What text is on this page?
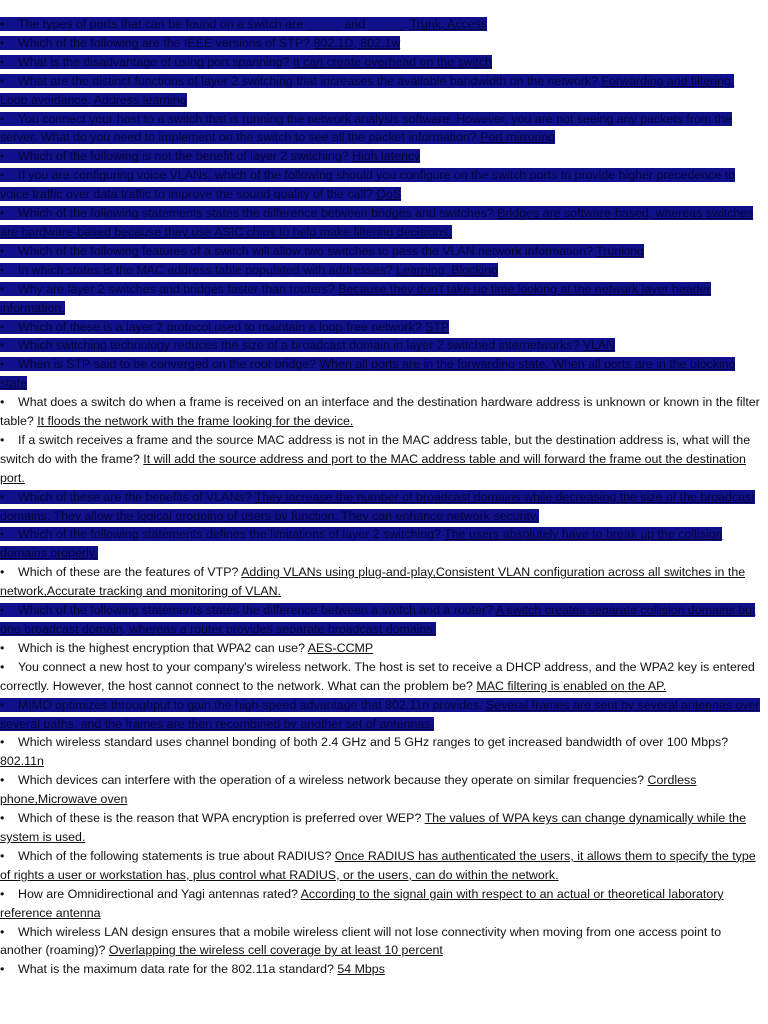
• The types of ports that can be found on a switch are _____ and _____. Trunk, Access

• Which of the following are the IEEE versions of STP? 802.1D, 802.1w

• What is the disadvantage of using port spanning? It can create overhead on the switch

• What are the distinct functions of layer 2 switching that increases the available bandwidth on the network? Forwarding and filtering, Loop avoidance, Address learning

• You connect your host to a switch that is running the network analysis software. However, you are not seeing any packets from the server. What do you need to implement on the switch to see all the packet information? Port mirroring

• Which of the following is not the benefit of layer 2 switching? High latency

• If you are configuring voice VLANs, which of the following should you configure on the switch ports to provide higher precedence to voice traffic over data traffic to improve the sound quality of the call? QoS

• Which of the following statements states the difference between bridges and switches? Bridges are software-based, whereas switches are hardware-based because they use ASIC chips to help make filtering decisions.

• Which of the following features of a switch will allow two switches to pass the VLAN network information? Trunking

• In which states is the MAC address table populated with addresses? Learning, Blocking

• Why are layer 2 switches and bridges faster than routers? Because they don't take up time looking at the network layer header information.

• Which of these is a layer 2 protocol used to maintain a loop-free network? STP

• Which switching technology reduces the size of a broadcast domain in layer 2 switched internetworks? VLAN

• When is STP said to be converged on the root bridge? When all ports are in the forwarding state, When all ports are in the blocking state

• What does a switch do when a frame is received on an interface and the destination hardware address is unknown or known in the filter table? It floods the network with the frame looking for the device.

• If a switch receives a frame and the source MAC address is not in the MAC address table, but the destination address is, what will the switch do with the frame? It will add the source address and port to the MAC address table and will forward the frame out the destination port.

• Which of these are the benefits of VLANs? They increase the number of broadcast domains while decreasing the size of the broadcast domains. They allow the logical grouping of users by function. They can enhance network security.

• Which of the following statements defines the limitations of layer 2 switching? The users absolutely have to break up the collision domains properly.

• Which of these are the features of VTP? Adding VLANs using plug-and-play,Consistent VLAN configuration across all switches in the network,Accurate tracking and monitoring of VLAN.

• Which of the following statements states the difference between a switch and a router? A switch creates separate collision domains but one broadcast domain, whereas a router provides separate broadcast domains.

• Which is the highest encryption that WPA2 can use? AES-CCMP

• You connect a new host to your company's wireless network. The host is set to receive a DHCP address, and the WPA2 key is entered correctly. However, the host cannot connect to the network. What can the problem be? MAC filtering is enabled on the AP.

• MIMO optimizes throughput to gain the high-speed advantage that 802.11n provides. Several frames are sent by several antennas over several paths, and the frames are then recombined by another set of antennas.

• Which wireless standard uses channel bonding of both 2.4 GHz and 5 GHz ranges to get increased bandwidth of over 100 Mbps? 802.11n

• Which devices can interfere with the operation of a wireless network because they operate on similar frequencies? Cordless phone,Microwave oven

• Which of these is the reason that WPA encryption is preferred over WEP? The values of WPA keys can change dynamically while the system is used.

• Which of the following statements is true about RADIUS? Once RADIUS has authenticated the users, it allows them to specify the type of rights a user or workstation has, plus control what RADIUS, or the users, can do within the network.

• How are Omnidirectional and Yagi antennas rated? According to the signal gain with respect to an actual or theoretical laboratory reference antenna

• Which wireless LAN design ensures that a mobile wireless client will not lose connectivity when moving from one access point to another (roaming)? Overlapping the wireless cell coverage by at least 10 percent

• What is the maximum data rate for the 802.11a standard? 54 Mbps
